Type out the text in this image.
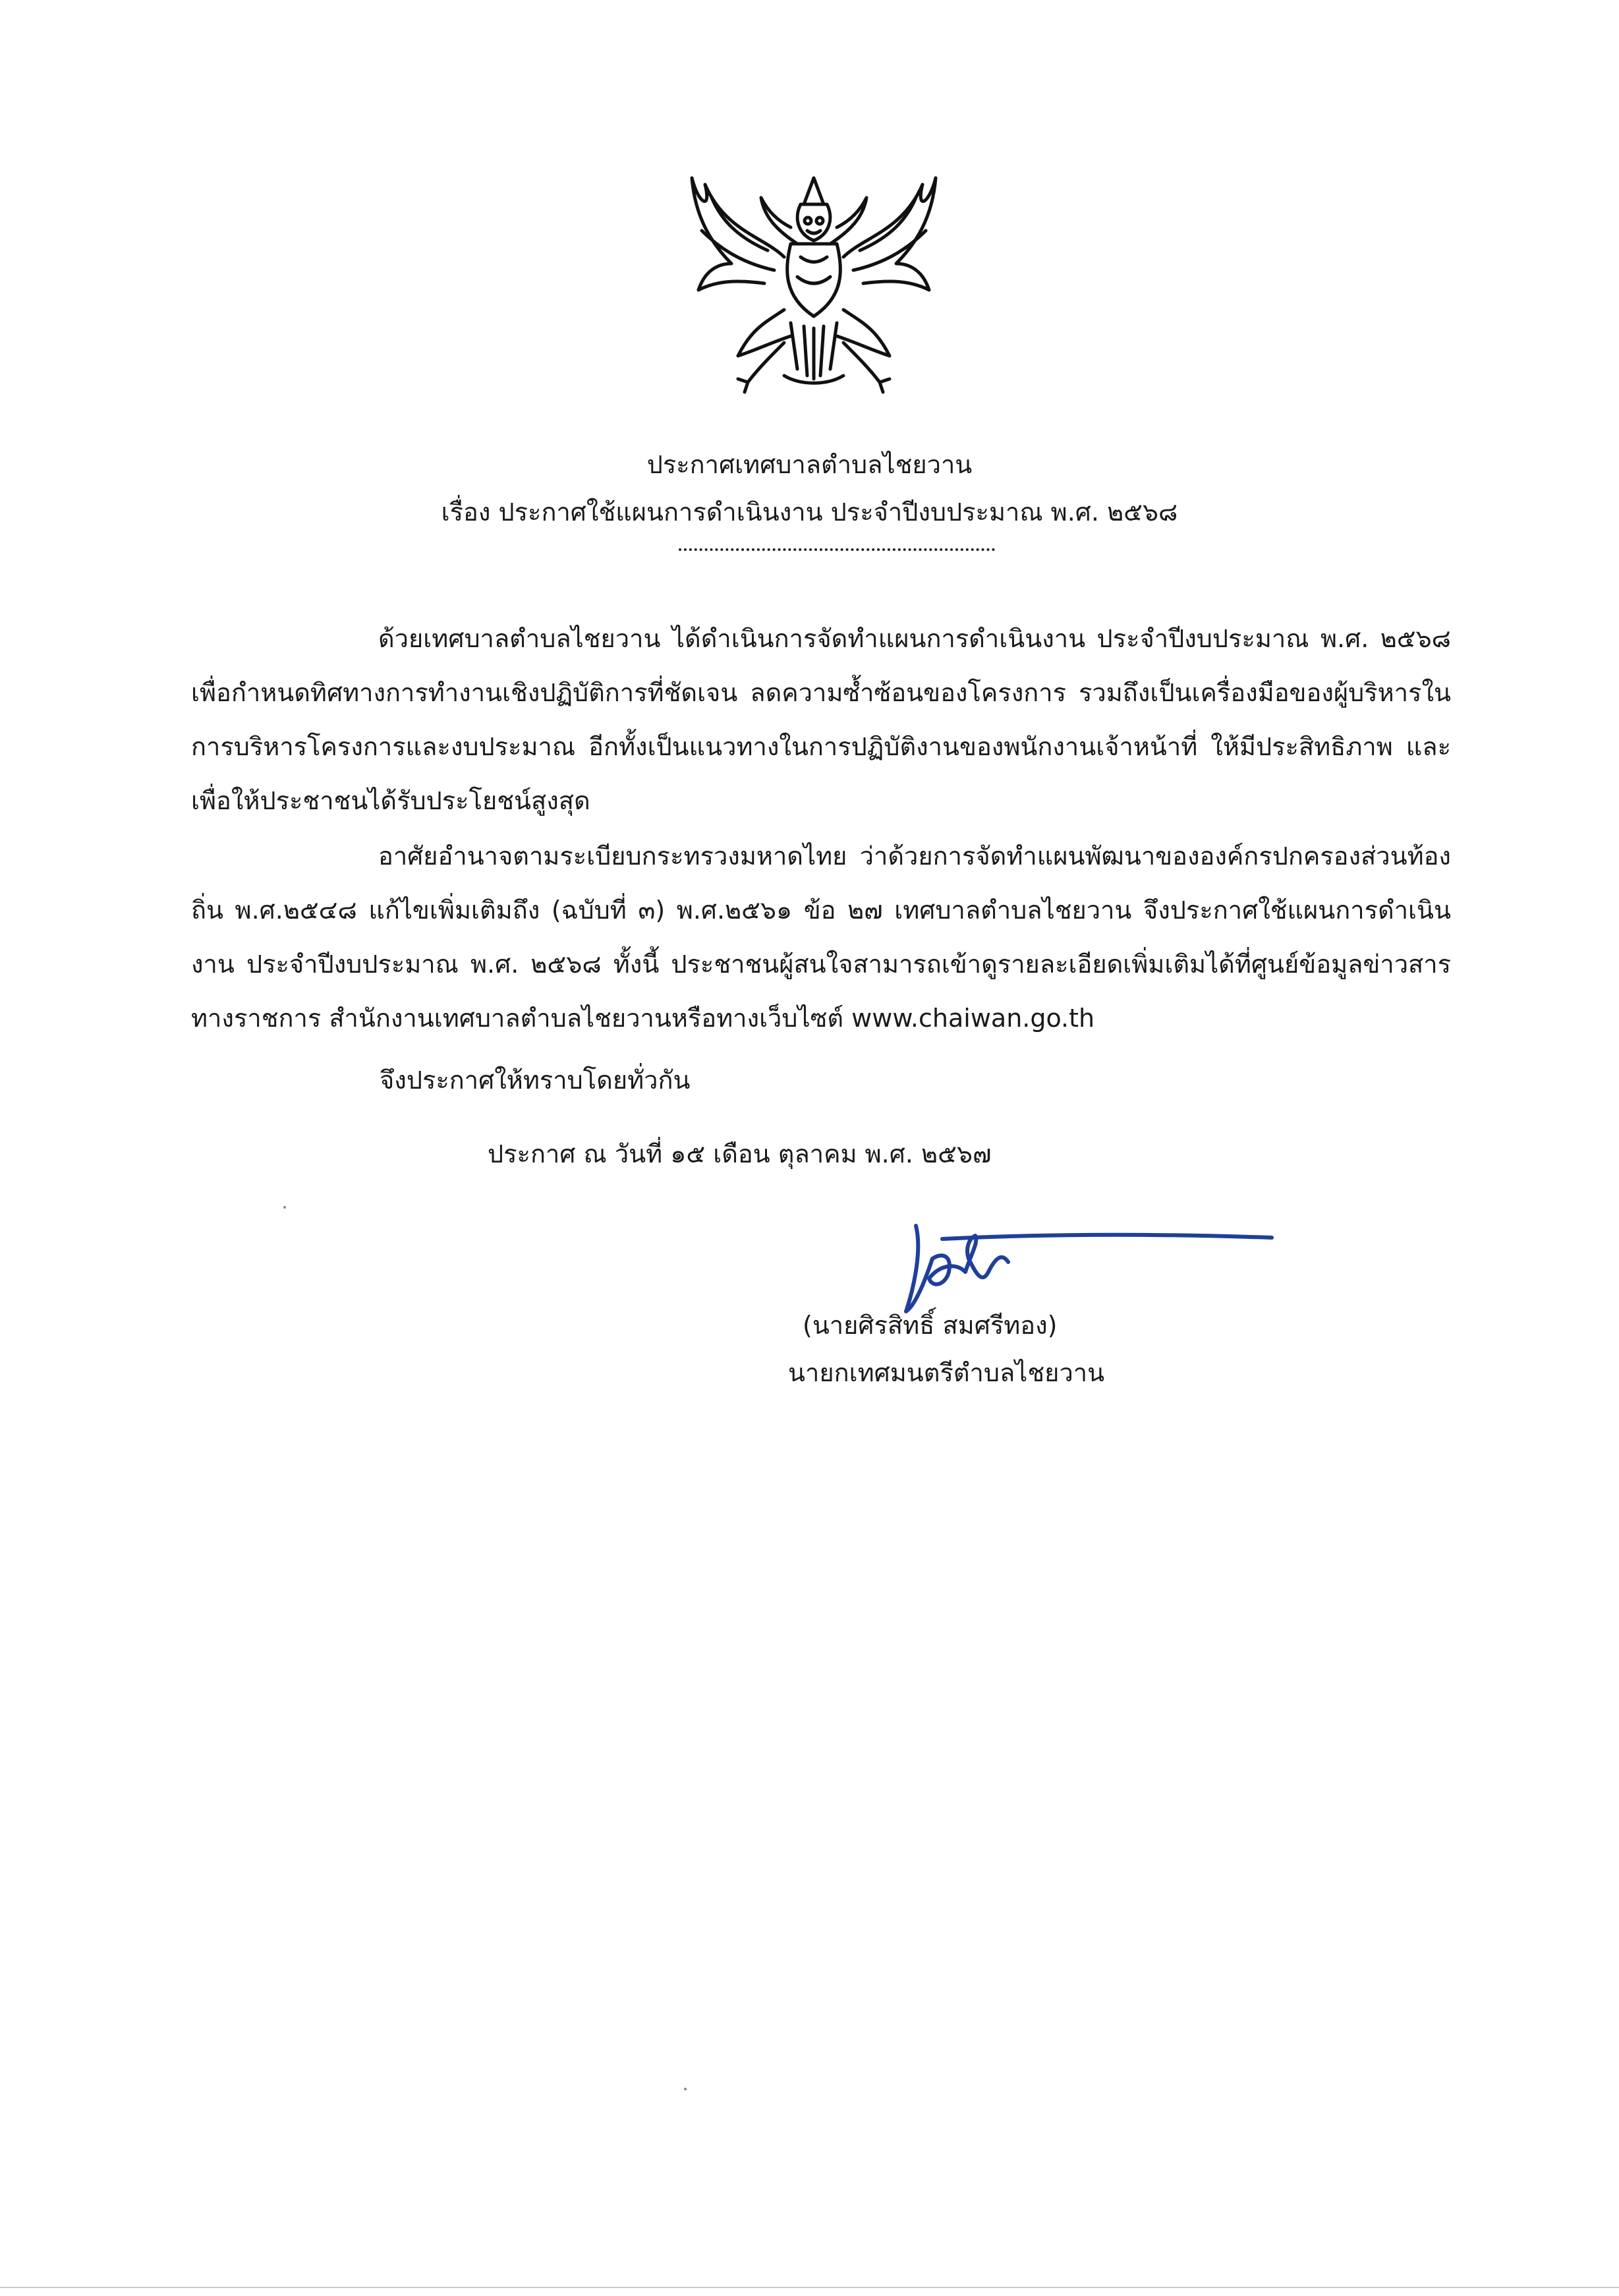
ประกาศเทศบาลตำบลไชยวาน
เรื่อง ประกาศใช้แผนการดำเนินงาน ประจำปีงบประมาณ พ.ศ. ๒๕๖๘

ด้วยเทศบาลตำบลไชยวาน ได้ดำเนินการจัดทำแผนการดำเนินงาน ประจำปีงบประมาณ พ.ศ. ๒๕๖๘ เพื่อกำหนดทิศทางการทำงานเชิงปฏิบัติการที่ชัดเจน ลดความซ้ำซ้อนของโครงการ รวมถึงเป็นเครื่องมือของผู้บริหารในการบริหารโครงการและงบประมาณ อีกทั้งเป็นแนวทางในการปฏิบัติงานของพนักงานเจ้าหน้าที่ ให้มีประสิทธิภาพ และเพื่อให้ประชาชนได้รับประโยชน์สูงสุด

อาศัยอำนาจตามระเบียบกระทรวงมหาดไทย ว่าด้วยการจัดทำแผนพัฒนาขององค์กรปกครองส่วนท้องถิ่น พ.ศ.๒๕๔๘ แก้ไขเพิ่มเติมถึง (ฉบับที่ ๓) พ.ศ.๒๕๖๑ ข้อ ๒๗ เทศบาลตำบลไชยวาน จึงประกาศใช้แผนการดำเนินงาน ประจำปีงบประมาณ พ.ศ. ๒๕๖๘ ทั้งนี้ ประชาชนผู้สนใจสามารถเข้าดูรายละเอียดเพิ่มเติมได้ที่ศูนย์ข้อมูลข่าวสารทางราชการ สำนักงานเทศบาลตำบลไชยวานหรือทางเว็บไซต์ www.chaiwan.go.th

จึงประกาศให้ทราบโดยทั่วกัน
ประกาศ ณ วันที่ ๑๕ เดือน ตุลาคม พ.ศ. ๒๕๖๗
(นายศิรสิทธิ์ สมศรีทอง)
นายกเทศมนตรีตำบลไชยวาน
